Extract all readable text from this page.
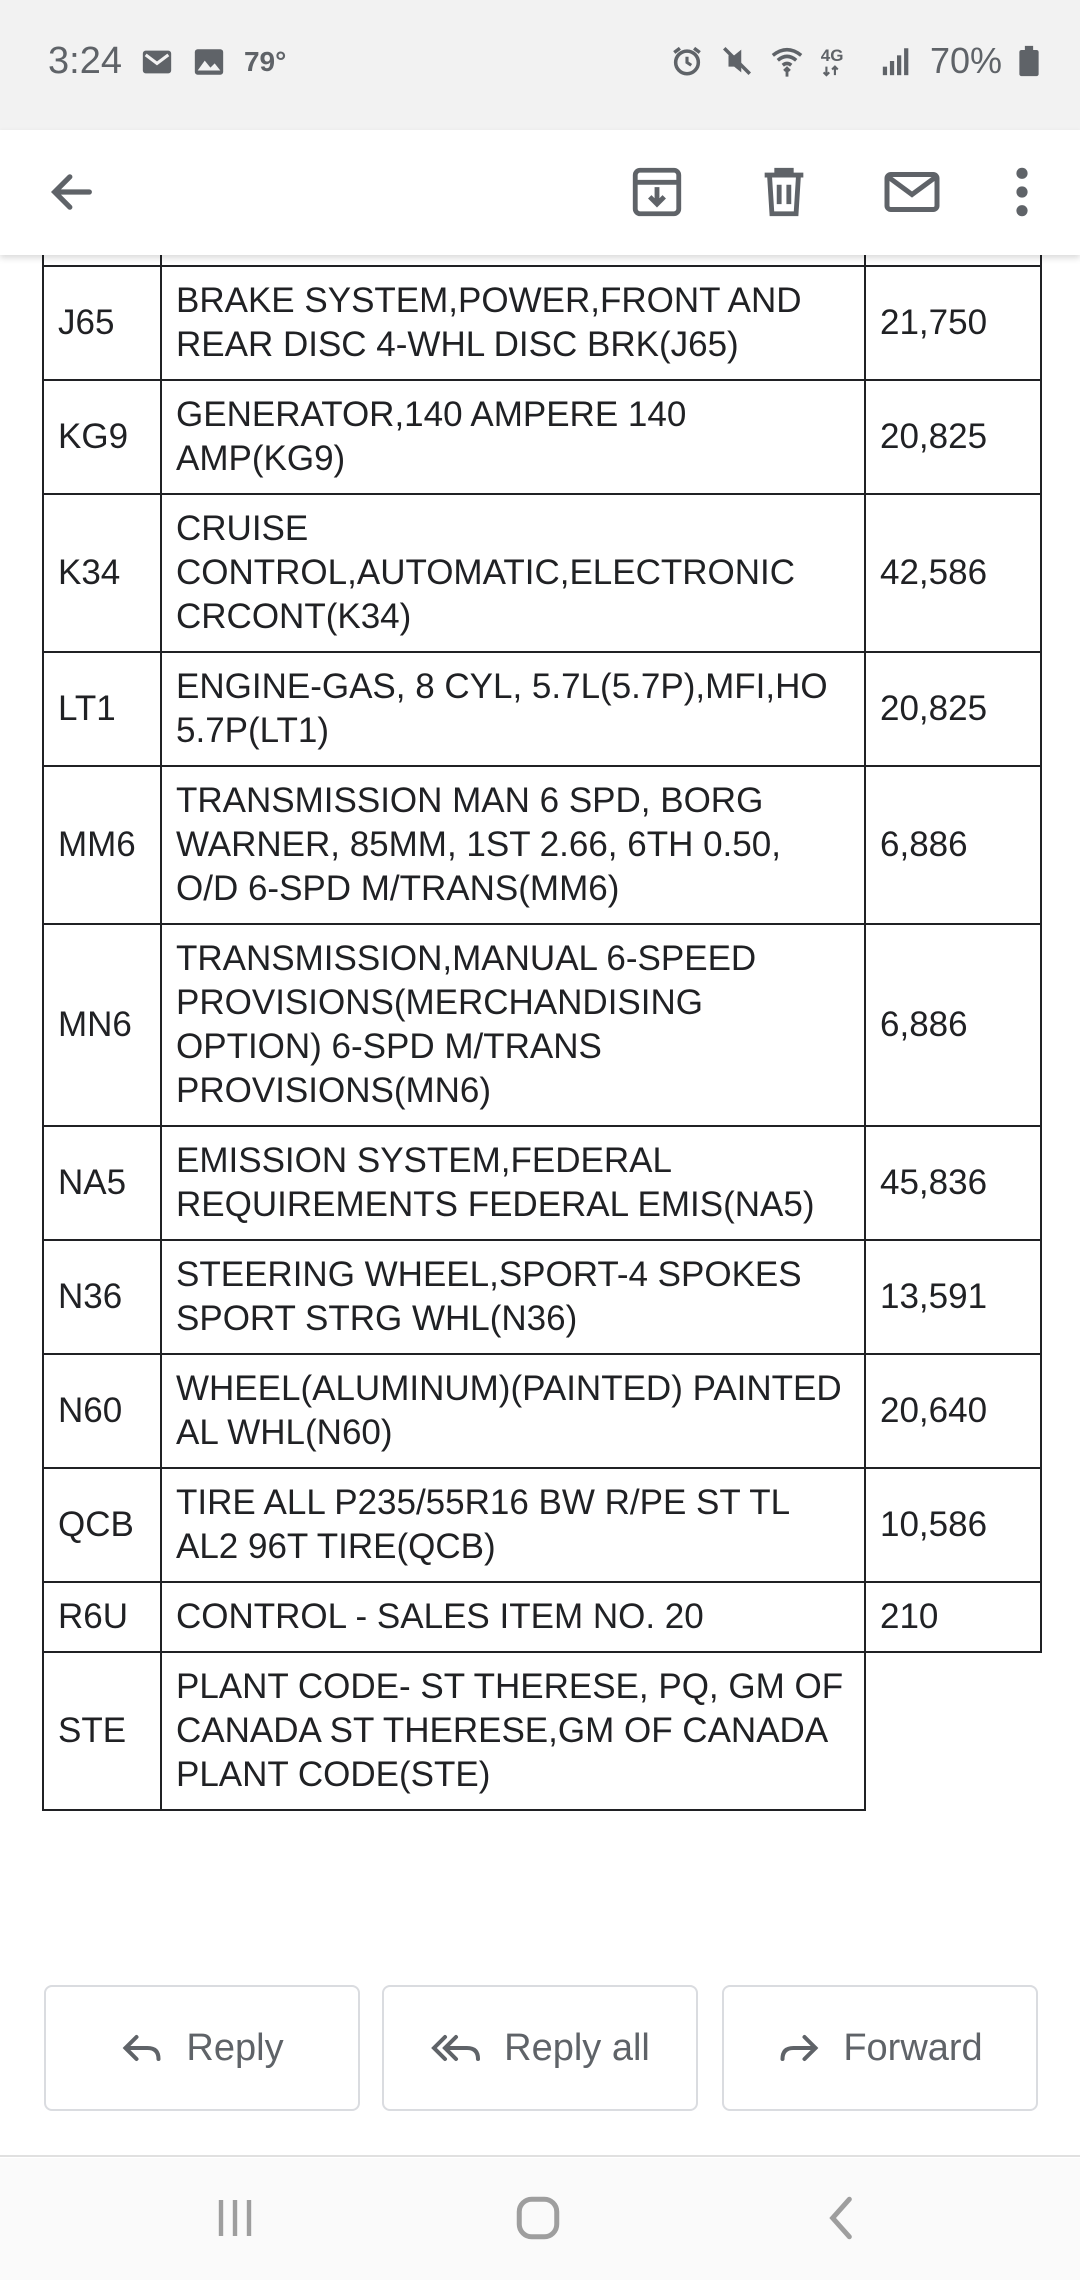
3:24	79°	4G 70%

J65	BRAKE SYSTEM,POWER,FRONT AND REAR DISC 4-WHL DISC BRK(J65)	21,750
KG9	GENERATOR,140 AMPERE 140 AMP(KG9)	20,825
K34	CRUISE CONTROL,AUTOMATIC,ELECTRONIC CRCONT(K34)	42,586
LT1	ENGINE-GAS, 8 CYL, 5.7L(5.7P),MFI,HO 5.7P(LT1)	20,825
MM6	TRANSMISSION MAN 6 SPD, BORG WARNER, 85MM, 1ST 2.66, 6TH 0.50, O/D 6-SPD M/TRANS(MM6)	6,886
MN6	TRANSMISSION,MANUAL 6-SPEED PROVISIONS(MERCHANDISING OPTION) 6-SPD M/TRANS PROVISIONS(MN6)	6,886
NA5	EMISSION SYSTEM,FEDERAL REQUIREMENTS FEDERAL EMIS(NA5)	45,836
N36	STEERING WHEEL,SPORT-4 SPOKES SPORT STRG WHL(N36)	13,591
N60	WHEEL(ALUMINUM)(PAINTED) PAINTED AL WHL(N60)	20,640
QCB	TIRE ALL P235/55R16 BW R/PE ST TL AL2 96T TIRE(QCB)	10,586
R6U	CONTROL - SALES ITEM NO. 20	210
STE	PLANT CODE- ST THERESE, PQ, GM OF CANADA ST THERESE,GM OF CANADA PLANT CODE(STE)	
Reply	Reply all	Forward
